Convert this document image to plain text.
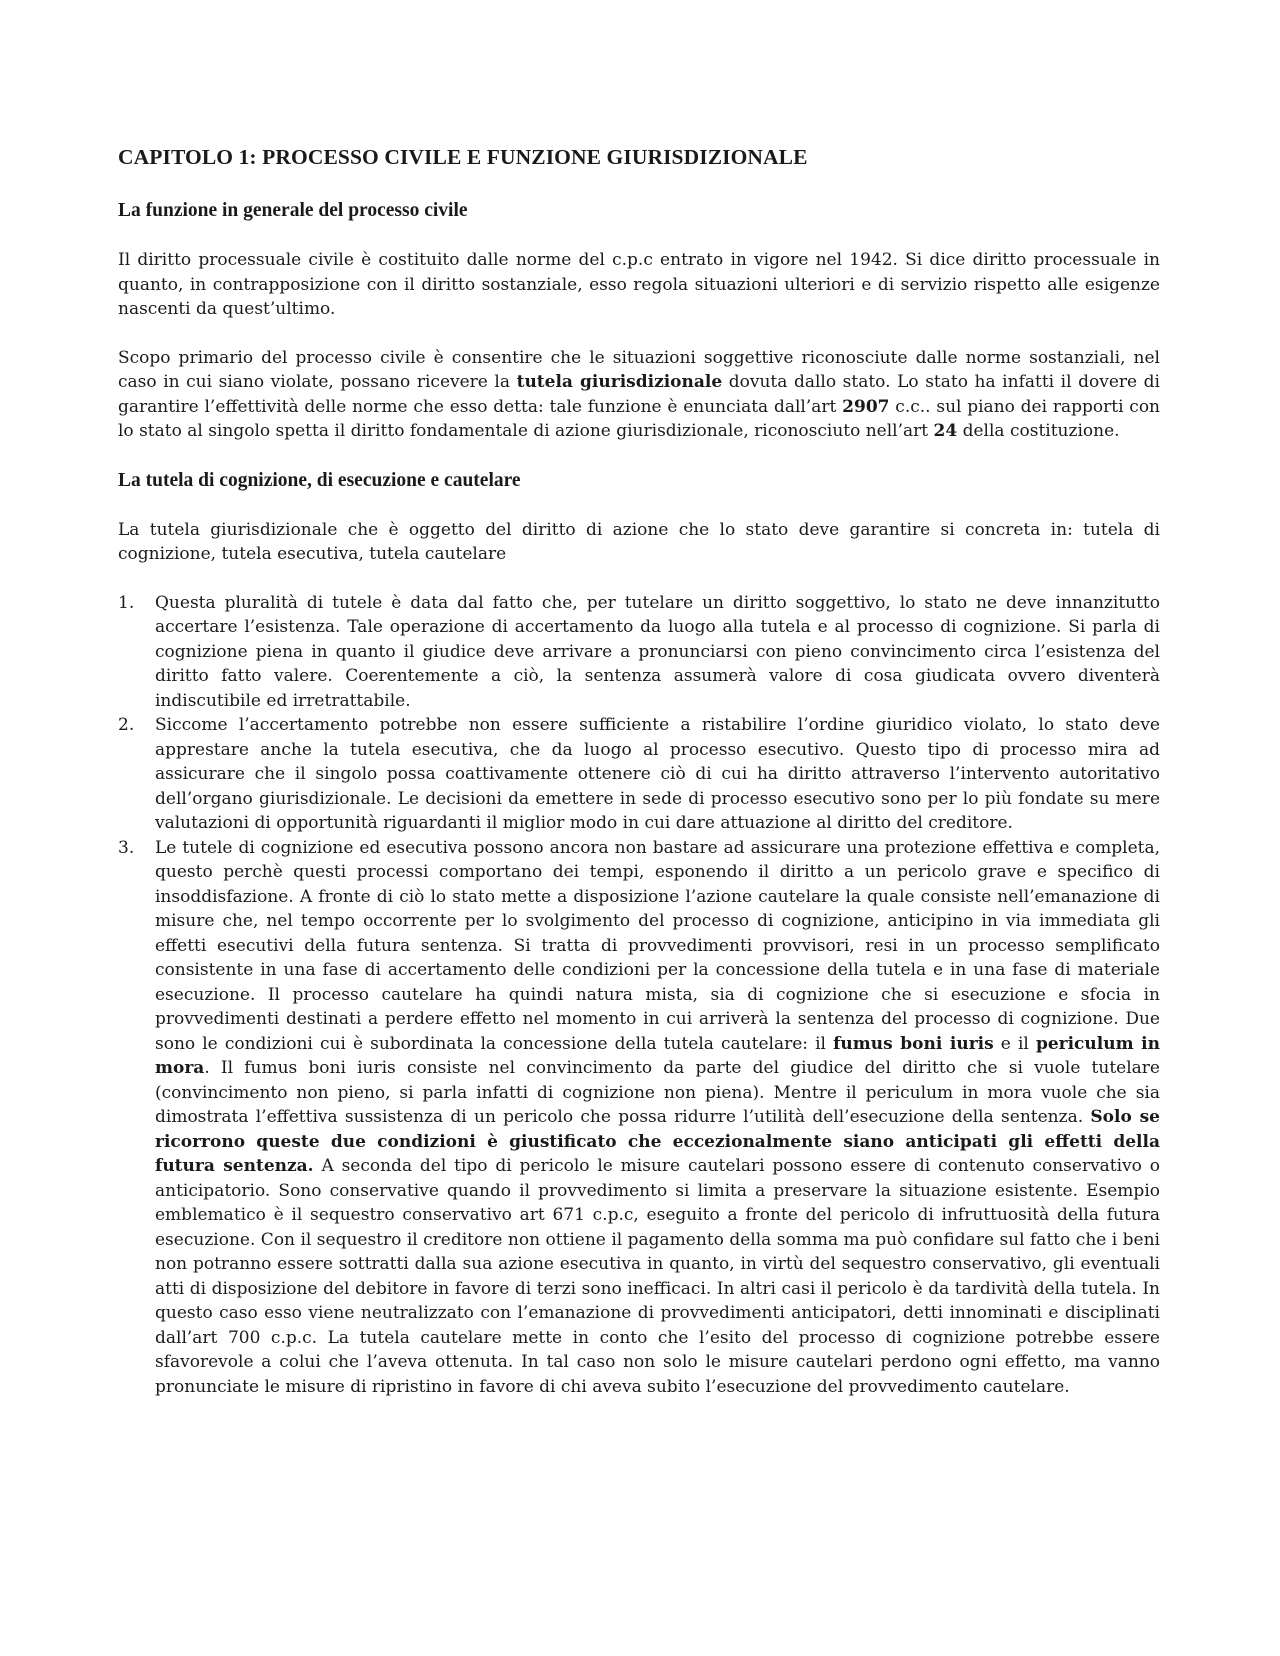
CAPITOLO 1: PROCESSO CIVILE E FUNZIONE GIURISDIZIONALE
La funzione in generale del processo civile

Il diritto processuale civile è costituito dalle norme del c.p.c entrato in vigore nel 1942. Si dice diritto processuale in quanto, in contrapposizione con il diritto sostanziale, esso regola situazioni ulteriori e di servizio rispetto alle esigenze nascenti da quest’ultimo.

Scopo primario del processo civile è consentire che le situazioni soggettive riconosciute dalle norme sostanziali, nel caso in cui siano violate, possano ricevere la tutela giurisdizionale dovuta dallo stato. Lo stato ha infatti il dovere di garantire l’effettività delle norme che esso detta: tale funzione è enunciata dall’art 2907 c.c.. sul piano dei rapporti con lo stato al singolo spetta il diritto fondamentale di azione giurisdizionale, riconosciuto nell’art 24 della costituzione.

La tutela di cognizione, di esecuzione e cautelare

La tutela giurisdizionale che è oggetto del diritto di azione che lo stato deve garantire si concreta in: tutela di cognizione, tutela esecutiva, tutela cautelare

1. Questa pluralità di tutele è data dal fatto che, per tutelare un diritto soggettivo, lo stato ne deve innanzitutto accertare l’esistenza. Tale operazione di accertamento da luogo alla tutela e al processo di cognizione. Si parla di cognizione piena in quanto il giudice deve arrivare a pronunciarsi con pieno convincimento circa l’esistenza del diritto fatto valere. Coerentemente a ciò, la sentenza assumerà valore di cosa giudicata ovvero diventerà indiscutibile ed irretrattabile.
2. Siccome l’accertamento potrebbe non essere sufficiente a ristabilire l’ordine giuridico violato, lo stato deve apprestare anche la tutela esecutiva, che da luogo al processo esecutivo. Questo tipo di processo mira ad assicurare che il singolo possa coattivamente ottenere ciò di cui ha diritto attraverso l’intervento autoritativo dell’organo giurisdizionale. Le decisioni da emettere in sede di processo esecutivo sono per lo più fondate su mere valutazioni di opportunità riguardanti il miglior modo in cui dare attuazione al diritto del creditore.
3. Le tutele di cognizione ed esecutiva possono ancora non bastare ad assicurare una protezione effettiva e completa, questo perchè questi processi comportano dei tempi, esponendo il diritto a un pericolo grave e specifico di insoddisfazione. A fronte di ciò lo stato mette a disposizione l’azione cautelare la quale consiste nell’emanazione di misure che, nel tempo occorrente per lo svolgimento del processo di cognizione, anticipino in via immediata gli effetti esecutivi della futura sentenza. Si tratta di provvedimenti provvisori, resi in un processo semplificato consistente in una fase di accertamento delle condizioni per la concessione della tutela e in una fase di materiale esecuzione. Il processo cautelare ha quindi natura mista, sia di cognizione che si esecuzione e sfocia in provvedimenti destinati a perdere effetto nel momento in cui arriverà la sentenza del processo di cognizione. Due sono le condizioni cui è subordinata la concessione della tutela cautelare: il fumus boni iuris e il periculum in mora. Il fumus boni iuris consiste nel convincimento da parte del giudice del diritto che si vuole tutelare (convincimento non pieno, si parla infatti di cognizione non piena). Mentre il periculum in mora vuole che sia dimostrata l’effettiva sussistenza di un pericolo che possa ridurre l’utilità dell’esecuzione della sentenza. Solo se ricorrono queste due condizioni è giustificato che eccezionalmente siano anticipati gli effetti della futura sentenza. A seconda del tipo di pericolo le misure cautelari possono essere di contenuto conservativo o anticipatorio. Sono conservative quando il provvedimento si limita a preservare la situazione esistente. Esempio emblematico è il sequestro conservativo art 671 c.p.c, eseguito a fronte del pericolo di infruttuosità della futura esecuzione. Con il sequestro il creditore non ottiene il pagamento della somma ma può confidare sul fatto che i beni non potranno essere sottratti dalla sua azione esecutiva in quanto, in virtù del sequestro conservativo, gli eventuali atti di disposizione del debitore in favore di terzi sono inefficaci. In altri casi il pericolo è da tardività della tutela. In questo caso esso viene neutralizzato con l’emanazione di provvedimenti anticipatori, detti innominati e disciplinati dall’art 700 c.p.c. La tutela cautelare mette in conto che l’esito del processo di cognizione potrebbe essere sfavorevole a colui che l’aveva ottenuta. In tal caso non solo le misure cautelari perdono ogni effetto, ma vanno pronunciate le misure di ripristino in favore di chi aveva subito l’esecuzione del provvedimento cautelare.
